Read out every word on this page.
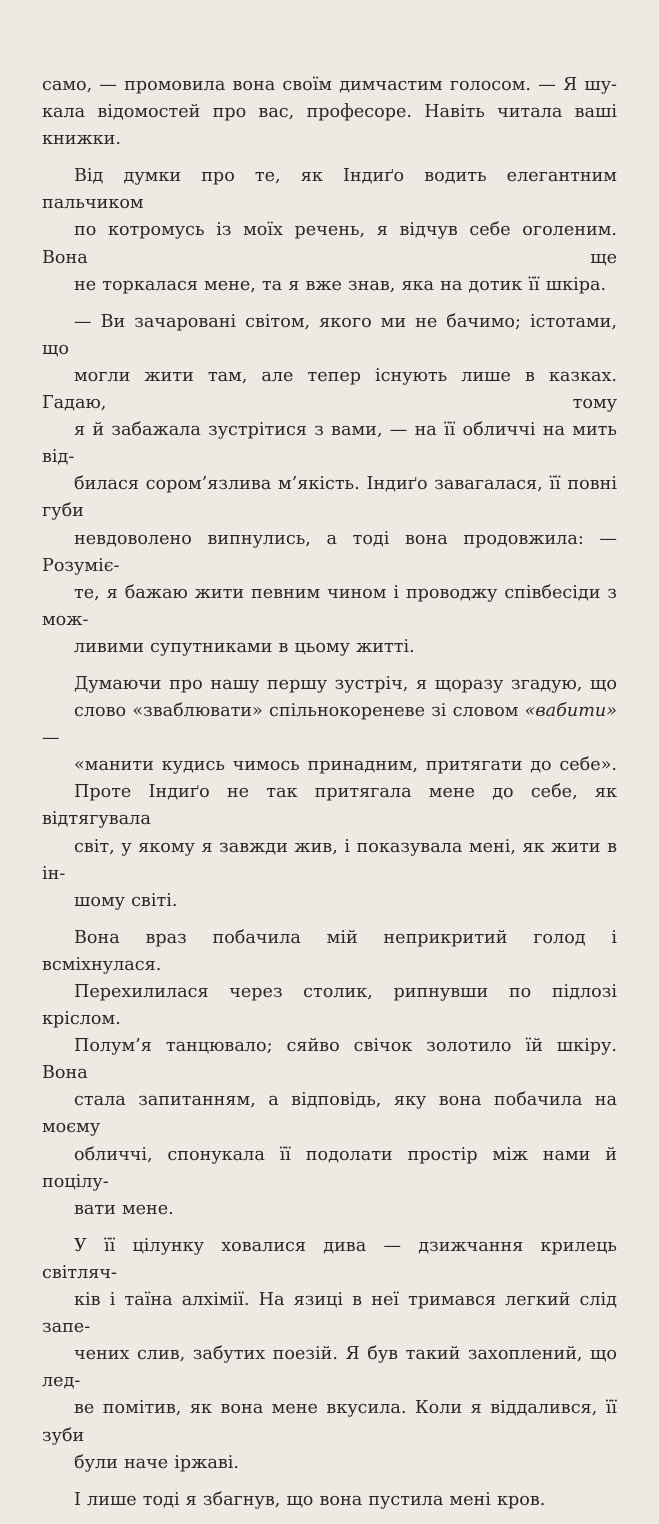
само, — промовила вона своїм димчастим голосом. — Я шу-
кала відомостей про вас, професоре. Навіть читала ваші
книжки.
Від думки про те, як Індиґо водить елегантним пальчиком
по котромусь із моїх речень, я відчув себе оголеним. Вона ще
не торкалася мене, та я вже знав, яка на дотик її шкіра.
— Ви зачаровані світом, якого ми не бачимо; істотами, що
могли жити там, але тепер існують лише в казках. Гадаю, тому
я й забажала зустрітися з вами, — на її обличчі на мить від-
билася сором’язлива м’якість. Індиґо завагалася, її повні губи
невдоволено випнулись, а тоді вона продовжила: — Розуміє-
те, я бажаю жити певним чином і проводжу співбесіди з мож-
ливими супутниками в цьому житті.
Думаючи про нашу першу зустріч, я щоразу згадую, що
слово «зваблювати» спільнокореневе зі словом «вабити» —
«манити кудись чимось принадним, притягати до себе».
Проте Індиґо не так притягала мене до себе, як відтягувала
світ, у якому я завжди жив, і показувала мені, як жити в ін-
шому світі.
Вона враз побачила мій неприкритий голод і всміхнулася.
Перехилилася через столик, рипнувши по підлозі кріслом.
Полум’я танцювало; сяйво свічок золотило їй шкіру. Вона
стала запитанням, а відповідь, яку вона побачила на моєму
обличчі, спонукала її подолати простір між нами й поцілу-
вати мене.
У її цілунку ховалися дива — дзижчання крилець світляч-
ків і таїна алхімії. На язиці в неї тримався легкий слід запе-
чених слив, забутих поезій. Я був такий захоплений, що лед-
ве помітив, як вона мене вкусила. Коли я віддалився, її зуби
були наче іржаві.
І лише тоді я збагнув, що вона пустила мені кров.
